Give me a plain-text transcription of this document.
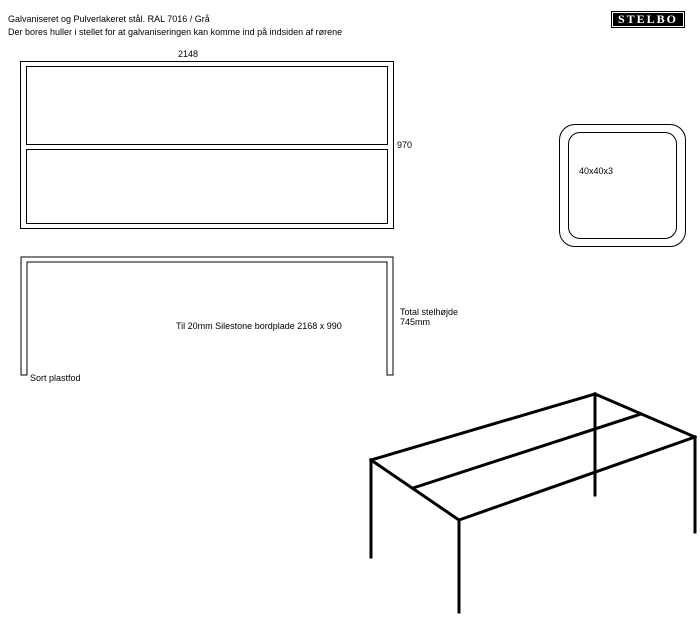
Galvaniseret og Pulverlakeret stål. RAL 7016 / Grå
Der bores huller i stellet for at galvaniseringen kan komme ind på indsiden af rørene
STELBO
2148
970
40x40x3
Til 20mm Silestone bordplade 2168 x 990
Total stelhøjde
745mm
Sort plastfod
